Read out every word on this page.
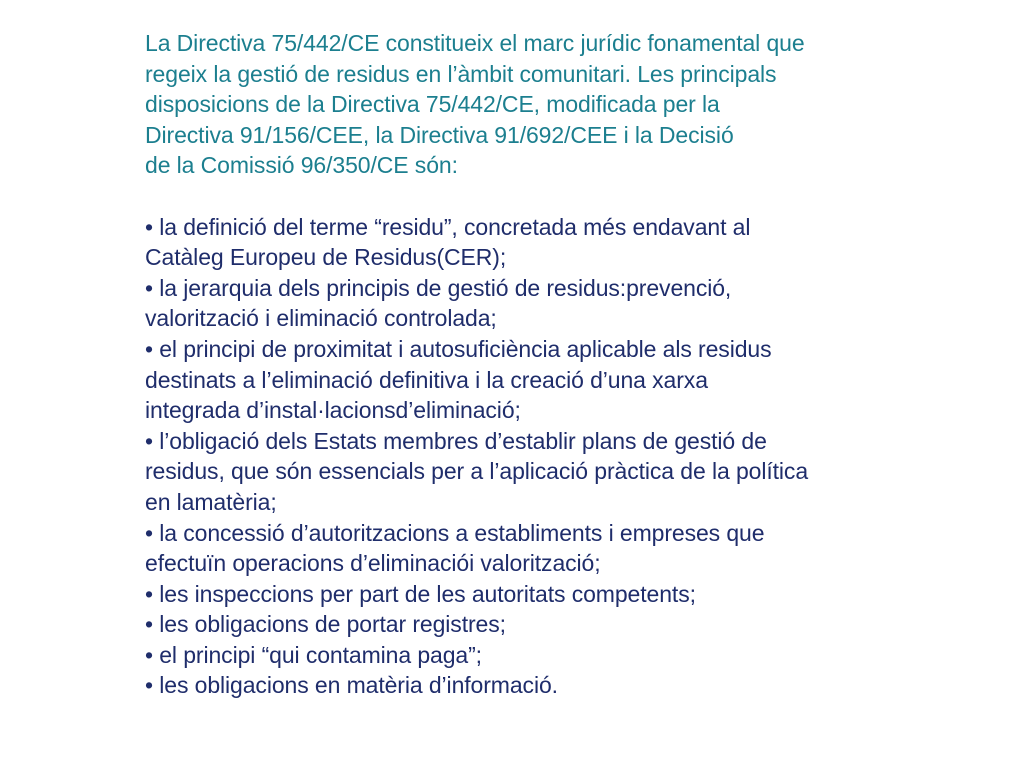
La Directiva 75/442/CE constitueix el marc jurídic fonamental que
regeix la gestió de residus en l’àmbit comunitari. Les principals
disposicions de la Directiva 75/442/CE, modificada per la
Directiva 91/156/CEE, la Directiva 91/692/CEE i la Decisió
de la Comissió 96/350/CE són:
• la definició del terme “residu”, concretada més endavant al
Catàleg Europeu de Residus(CER);
• la jerarquia dels principis de gestió de residus:prevenció,
valorització i eliminació controlada;
• el principi de proximitat i autosuficiència aplicable als residus
destinats a l’eliminació definitiva i la creació d’una xarxa
integrada d’instal·lacionsd’eliminació;
• l’obligació dels Estats membres d’establir plans de gestió de
residus, que són essencials per a l’aplicació pràctica de la política
en lamatèria;
• la concessió d’autoritzacions a establiments i empreses que
efectuïn operacions d’eliminacióі valorització;
• les inspeccions per part de les autoritats competents;
• les obligacions de portar registres;
• el principi “qui contamina paga”;
• les obligacions en matèria d’informació.
